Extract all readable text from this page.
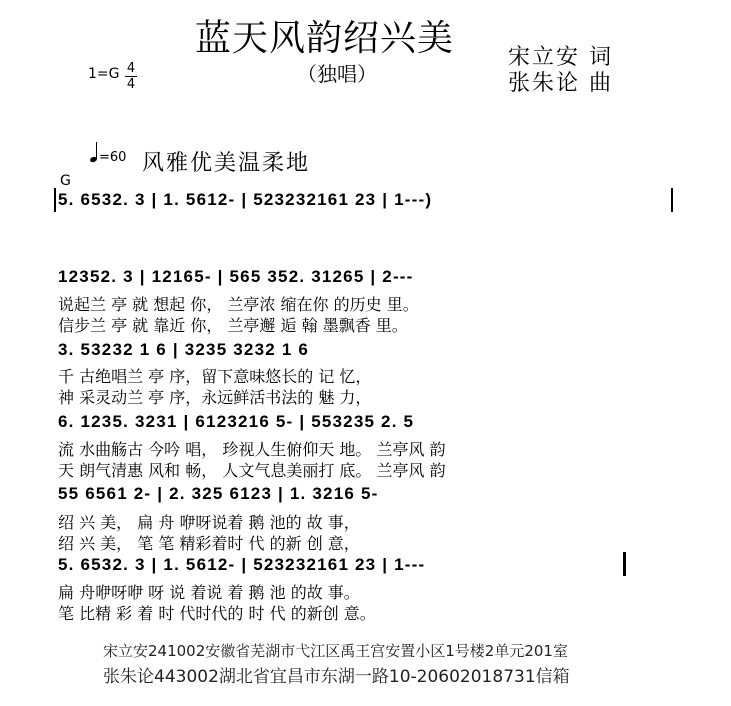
蓝天风韵绍兴美
（独唱）
宋立安 词
张朱论 曲
1=G 4
4
=60 风雅优美温柔地
G
5. 6532. 3 | 1. 5612- | 523232161 23 | 1---)
12352. 3 | 12165- | 565 352. 31265 | 2---
说起兰 亭 就 想起 你， 兰亭浓 缩在你 的历史 里。
信步兰 亭 就 靠近 你， 兰亭邂 逅 翰 墨飘香 里。
3. 53232 1 6 | 3235 3232 1 6
千 古绝唱兰 亭 序，留下意味悠长的 记 忆，
神 采灵动兰 亭 序，永远鲜活书法的 魅 力，
6. 1235. 3231 | 6123216 5- | 553235 2. 5
流 水曲觞古 今吟 唱， 珍视人生俯仰天 地。 兰亭风 韵
天 朗气清惠 风和 畅， 人文气息美丽打 底。 兰亭风 韵
55 6561 2- | 2. 325 6123 | 1. 3216 5-
绍 兴 美， 扁 舟 咿呀说着 鹅 池的 故 事，
绍 兴 美， 笔 笔 精彩着时 代 的新 创 意，
5. 6532. 3 | 1. 5612- | 523232161 23 | 1---
扁 舟咿呀咿 呀 说 着说 着 鹅 池 的故 事。
笔 比精 彩 着 时 代时代的 时 代 的新创 意。
宋立安241002安徽省芜湖市弋江区禹王宫安置小区1号楼2单元201室
张朱论443002湖北省宜昌市东湖一路10-20602018731信箱
